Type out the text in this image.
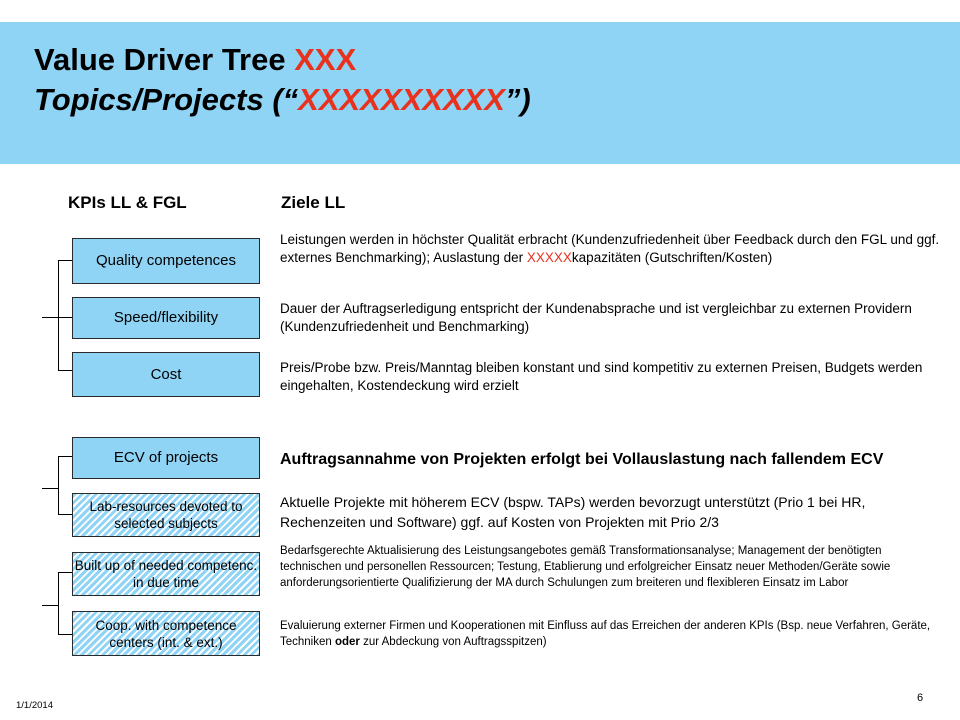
Value Driver Tree XXX
Topics/Projects (“XXXXXXXXXX”)
KPIs LL & FGL	Ziele LL
Quality competences
Speed/flexibility
Cost
Leistungen werden in höchster Qualität erbracht (Kundenzufriedenheit über Feedback durch den FGL und ggf. externes Benchmarking); Auslastung der XXXXXkapazitäten (Gutschriften/Kosten)
Dauer der Auftragserledigung entspricht der Kundenabsprache und ist vergleichbar zu externen Providern (Kundenzufriedenheit und Benchmarking)
Preis/Probe bzw. Preis/Manntag bleiben konstant und sind kompetitiv zu externen Preisen, Budgets werden eingehalten, Kostendeckung wird erzielt
ECV of projects
Lab-resources devoted to selected subjects
Auftragsannahme von Projekten erfolgt bei Vollauslastung nach fallendem ECV
Aktuelle Projekte mit höherem ECV (bspw. TAPs) werden bevorzugt unterstützt (Prio 1 bei HR, Rechenzeiten und Software) ggf. auf Kosten von Projekten mit Prio 2/3
Built up of needed competenc. in due time
Coop. with competence centers (int. & ext.)
Bedarfsgerechte Aktualisierung des Leistungsangebotes gemäß Transformationsanalyse; Management der benötigten technischen und personellen Ressourcen; Testung, Etablierung und erfolgreicher Einsatz neuer Methoden/Geräte sowie anforderungsorientierte Qualifizierung der MA durch Schulungen zum breiteren und flexibleren Einsatz im Labor
Evaluierung externer Firmen und Kooperationen mit Einfluss auf das Erreichen der anderen KPIs (Bsp. neue Verfahren, Geräte, Techniken oder zur Abdeckung von Auftragsspitzen)
1/1/2014
6
